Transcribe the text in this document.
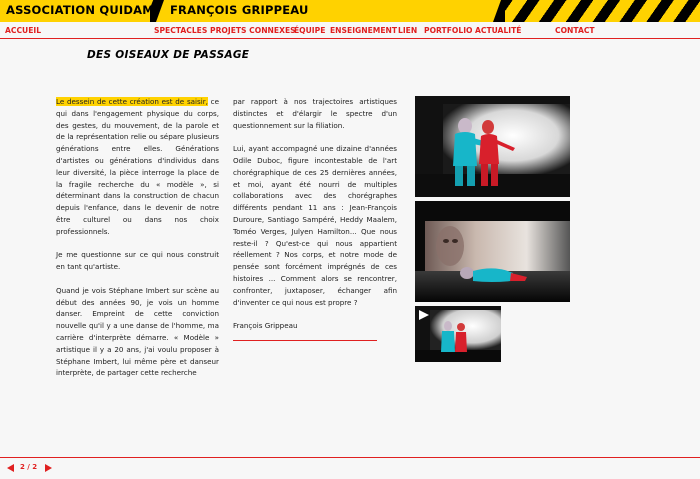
ASSOCIATION QUIDAM FRANÇOIS GRIPPEAU
ACCUEIL	SPECTACLES PROJETS CONNEXES
ÉQUIPE ENSEIGNEMENT LIEN PORTFOLIO ACTUALITÉ	CONTACT
DES OISEAUX DE PASSAGE

Le dessein de cette création est de saisir, ce qui dans l'engagement physique du corps, des gestes, du mouvement, de la parole et de la représentation relie ou sépare plusieurs générations entre elles. Générations d'artistes ou générations d'individus dans leur diversité, la pièce interroge la place de la fragile recherche du « modèle », si déterminant dans la construction de chacun depuis l'enfance, dans le devenir de notre être culturel ou dans nos choix professionnels.

Je me questionne sur ce qui nous construit en tant qu'artiste.

Quand je vois Stéphane Imbert sur scène au début des années 90, je vois un homme danser. Empreint de cette conviction nouvelle qu'il y a une danse de l'homme, ma carrière d'interprète démarre. « Modèle » artistique il y a 20 ans, j'ai voulu proposer à Stéphane Imbert, lui même père et danseur interprète, de partager cette recherche

par rapport à nos trajectoires artistiques distinctes et d'élargir le spectre d'un questionnement sur la filiation.

Lui, ayant accompagné une dizaine d'années Odile Duboc, figure incontestable de l'art chorégraphique de ces 25 dernières années, et moi, ayant été nourri de multiples collaborations avec des chorégraphes différents pendant 11 ans : Jean-François Duroure, Santiago Sampéré, Heddy Maalem, Toméo Verges, Julyen Hamilton... Que nous reste-il ? Qu'est-ce qui nous appartient réellement ? Nos corps, et notre mode de pensée sont forcément imprégnés de ces histoires ... Comment alors se rencontrer, confronter, juxtaposer, échanger afin d'inventer ce qui nous est propre ?

François Grippeau

2 / 2
